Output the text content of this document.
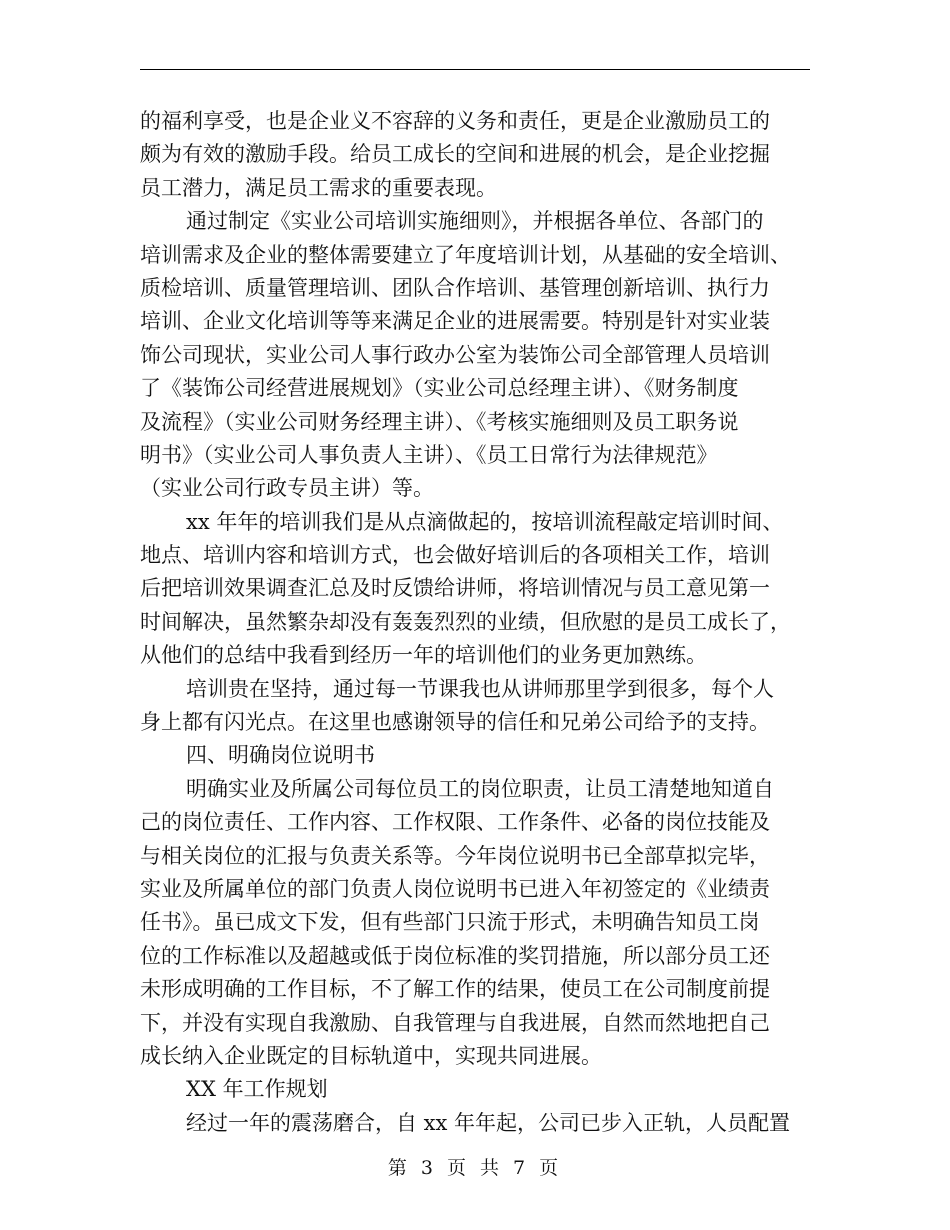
的福利享受，也是企业义不容辞的义务和责任，更是企业激励员工的
颇为有效的激励手段。给员工成长的空间和进展的机会，是企业挖掘
员工潜力，满足员工需求的重要表现。
通过制定《实业公司培训实施细则》，并根据各单位、各部门的
培训需求及企业的整体需要建立了年度培训计划，从基础的安全培训、
质检培训、质量管理培训、团队合作培训、基管理创新培训、执行力
培训、企业文化培训等等来满足企业的进展需要。特别是针对实业装
饰公司现状，实业公司人事行政办公室为装饰公司全部管理人员培训
了《装饰公司经营进展规划》（实业公司总经理主讲）、《财务制度
及流程》（实业公司财务经理主讲）、《考核实施细则及员工职务说
明书》（实业公司人事负责人主讲）、《员工日常行为法律规范》
（实业公司行政专员主讲）等。
xx 年年的培训我们是从点滴做起的，按培训流程敲定培训时间、
地点、培训内容和培训方式，也会做好培训后的各项相关工作，培训
后把培训效果调查汇总及时反馈给讲师，将培训情况与员工意见第一
时间解决，虽然繁杂却没有轰轰烈烈的业绩，但欣慰的是员工成长了，
从他们的总结中我看到经历一年的培训他们的业务更加熟练。
培训贵在坚持，通过每一节课我也从讲师那里学到很多，每个人
身上都有闪光点。在这里也感谢领导的信任和兄弟公司给予的支持。
四、明确岗位说明书
明确实业及所属公司每位员工的岗位职责，让员工清楚地知道自
己的岗位责任、工作内容、工作权限、工作条件、必备的岗位技能及
与相关岗位的汇报与负责关系等。今年岗位说明书已全部草拟完毕，
实业及所属单位的部门负责人岗位说明书已进入年初签定的《业绩责
任书》。虽已成文下发，但有些部门只流于形式，未明确告知员工岗
位的工作标准以及超越或低于岗位标准的奖罚措施，所以部分员工还
未形成明确的工作目标，不了解工作的结果，使员工在公司制度前提
下，并没有实现自我激励、自我管理与自我进展，自然而然地把自己
成长纳入企业既定的目标轨道中，实现共同进展。
XX 年工作规划
经过一年的震荡磨合，自 xx 年年起，公司已步入正轨，人员配置
第 3 页 共 7 页
